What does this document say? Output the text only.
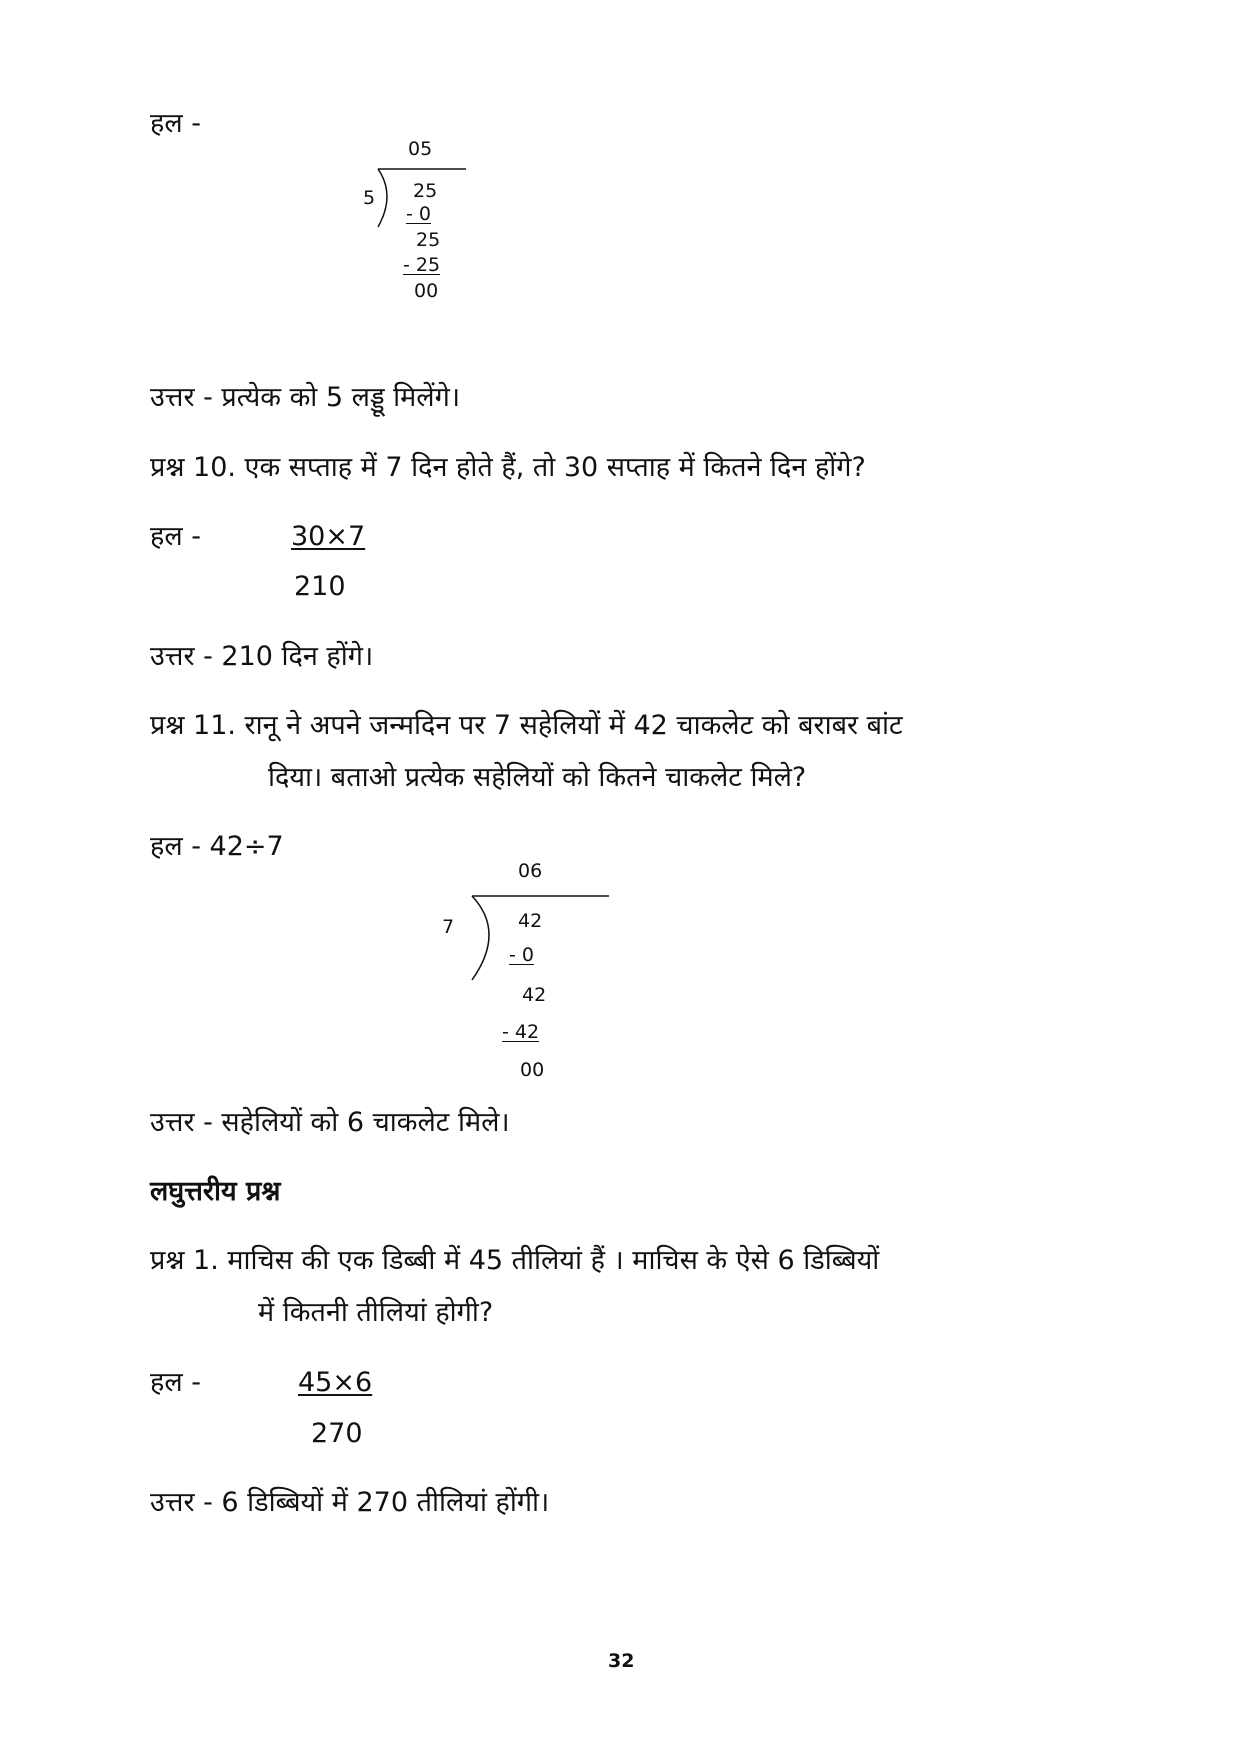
हल -
05
5 25
- 0
25
- 25
00
उत्तर - प्रत्येक को 5 लड्डू मिलेंगे।
प्रश्न 10. एक सप्ताह में 7 दिन होते हैं, तो 30 सप्ताह में कितने दिन होंगे?
हल -	30×7
210
उत्तर - 210 दिन होंगे।
प्रश्न 11. रानू ने अपने जन्मदिन पर 7 सहेलियों में 42 चाकलेट को बराबर बांट
दिया। बताओ प्रत्येक सहेलियों को कितने चाकलेट मिले?
हल - 42÷7
06
7	42
- 0
42
- 42
00
उत्तर - सहेलियों को 6 चाकलेट मिले।
लघुत्तरीय प्रश्न
प्रश्न 1. माचिस की एक डिब्बी में 45 तीलियां हैं । माचिस के ऐसे 6 डिब्बियों
में कितनी तीलियां होगी?
हल -	45×6
270
उत्तर - 6 डिब्बियों में 270 तीलियां होंगी।
32
